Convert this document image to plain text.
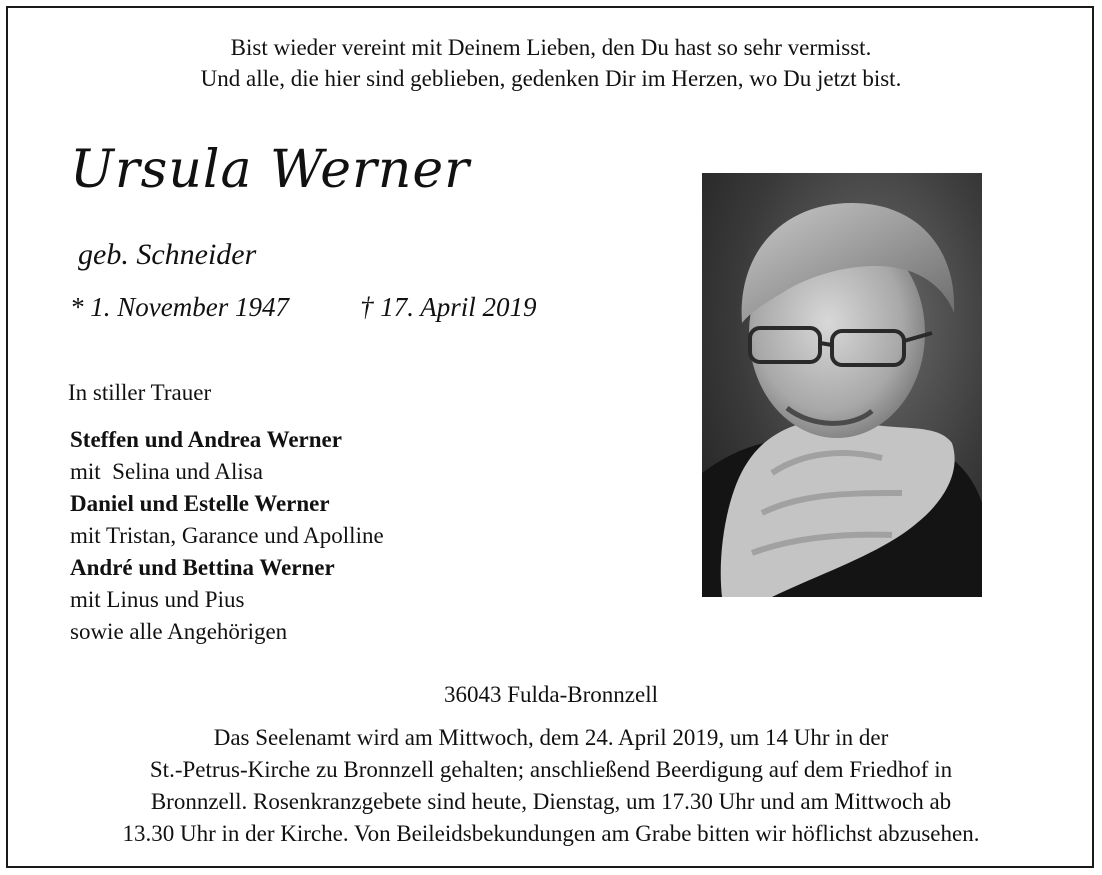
Bist wieder vereint mit Deinem Lieben, den Du hast so sehr vermisst.
Und alle, die hier sind geblieben, gedenken Dir im Herzen, wo Du jetzt bist.
Ursula Werner
geb. Schneider
* 1. November 1947	† 17. April 2019
In stiller Trauer
Steffen und Andrea Werner
mit  Selina und Alisa
Daniel und Estelle Werner
mit Tristan, Garance und Apolline
André und Bettina Werner
mit Linus und Pius
sowie alle Angehörigen
36043 Fulda-Bronnzell
Das Seelenamt wird am Mittwoch, dem 24. April 2019, um 14 Uhr in der
St.-Petrus-Kirche zu Bronnzell gehalten; anschließend Beerdigung auf dem Friedhof in
Bronnzell. Rosenkranzgebete sind heute, Dienstag, um 17.30 Uhr und am Mittwoch ab
13.30 Uhr in der Kirche. Von Beileidsbekundungen am Grabe bitten wir höflichst abzusehen.
